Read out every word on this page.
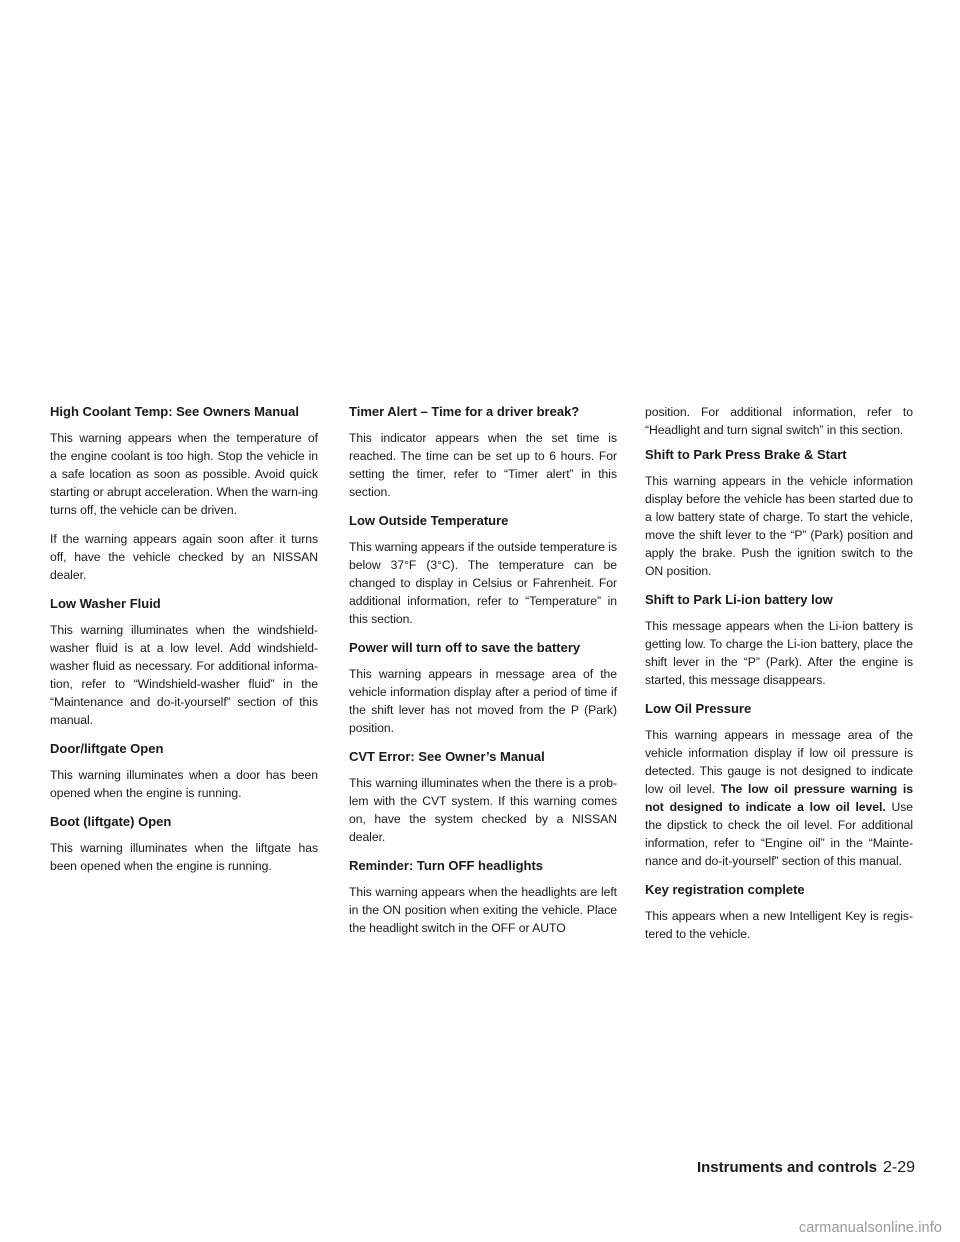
High Coolant Temp: See Owners Manual

This warning appears when the temperature of the engine coolant is too high. Stop the vehicle in a safe location as soon as possible. Avoid quick starting or abrupt acceleration. When the warn-ing turns off, the vehicle can be driven.

If the warning appears again soon after it turns off, have the vehicle checked by an NISSAN dealer.

Low Washer Fluid

This warning illuminates when the windshield-washer fluid is at a low level. Add windshield-washer fluid as necessary. For additional informa-tion, refer to “Windshield-washer fluid” in the “Maintenance and do-it-yourself” section of this manual.

Door/liftgate Open

This warning illuminates when a door has been opened when the engine is running.

Boot (liftgate) Open

This warning illuminates when the liftgate has been opened when the engine is running.

Timer Alert – Time for a driver break?

This indicator appears when the set time is reached. The time can be set up to 6 hours. For setting the timer, refer to “Timer alert” in this section.

Low Outside Temperature

This warning appears if the outside temperature is below 37°F (3°C). The temperature can be changed to display in Celsius or Fahrenheit. For additional information, refer to “Temperature” in this section.

Power will turn off to save the battery

This warning appears in message area of the vehicle information display after a period of time if the shift lever has not moved from the P (Park) position.

CVT Error: See Owner’s Manual

This warning illuminates when the there is a prob-lem with the CVT system. If this warning comes on, have the system checked by a NISSAN dealer.

Reminder: Turn OFF headlights

This warning appears when the headlights are left in the ON position when exiting the vehicle. Place the headlight switch in the OFF or AUTO

position. For additional information, refer to “Headlight and turn signal switch” in this section.

Shift to Park Press Brake & Start

This warning appears in the vehicle information display before the vehicle has been started due to a low battery state of charge. To start the vehicle, move the shift lever to the “P” (Park) position and apply the brake. Push the ignition switch to the ON position.

Shift to Park Li-ion battery low

This message appears when the Li-ion battery is getting low. To charge the Li-ion battery, place the shift lever in the “P” (Park). After the engine is started, this message disappears.

Low Oil Pressure

This warning appears in message area of the vehicle information display if low oil pressure is detected. This gauge is not designed to indicate low oil level. The low oil pressure warning is not designed to indicate a low oil level. Use the dipstick to check the oil level. For additional information, refer to “Engine oil” in the “Mainte-nance and do-it-yourself” section of this manual.

Key registration complete

This appears when a new Intelligent Key is regis-tered to the vehicle.

Instruments and controls 2-29
carmanualsonline.info
